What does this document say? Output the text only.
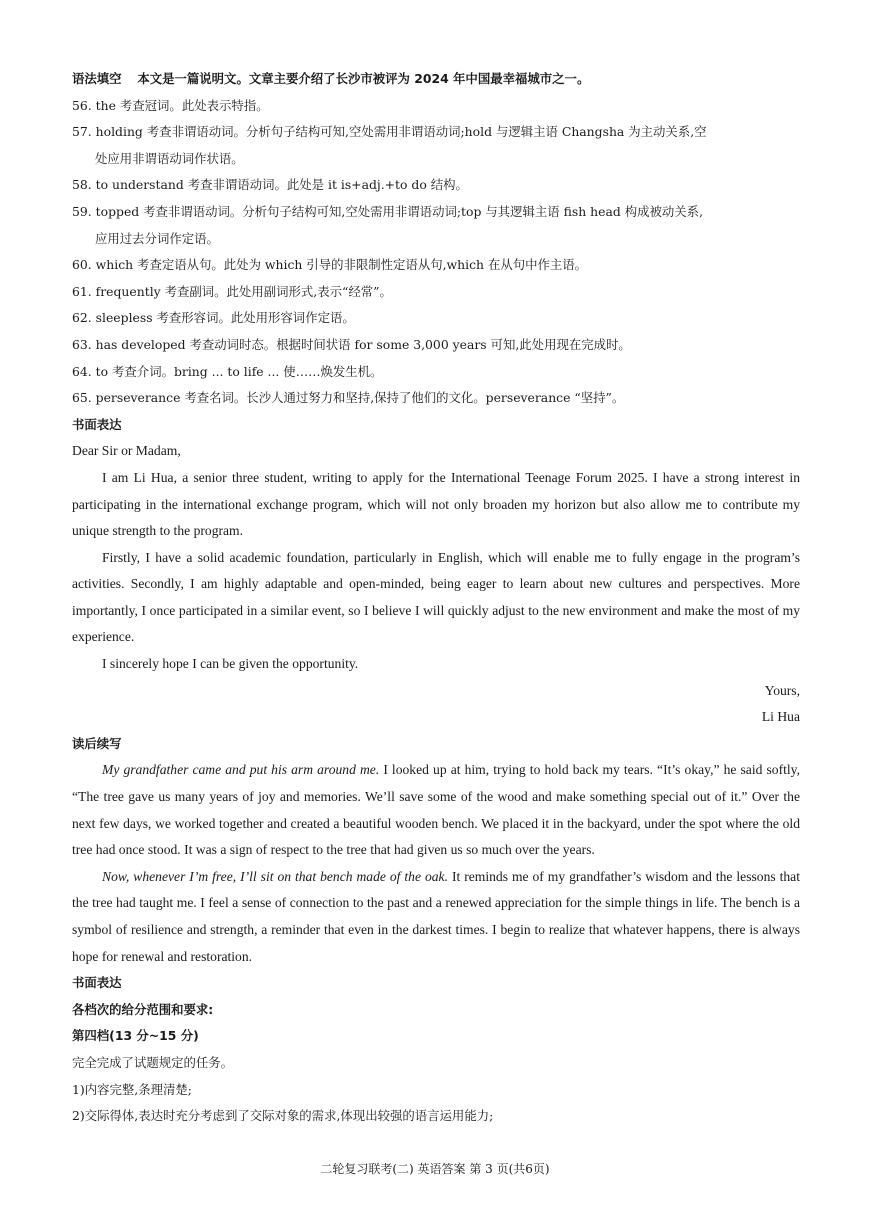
语法填空 本文是一篇说明文。文章主要介绍了长沙市被评为 2024 年中国最幸福城市之一。
56. the 考查冠词。此处表示特指。
57. holding 考查非谓语动词。分析句子结构可知,空处需用非谓语动词;hold 与逻辑主语 Changsha 为主动关系,空
处应用非谓语动词作状语。
58. to understand 考查非谓语动词。此处是 it is+adj.+to do 结构。
59. topped 考查非谓语动词。分析句子结构可知,空处需用非谓语动词;top 与其逻辑主语 fish head 构成被动关系,
应用过去分词作定语。
60. which 考查定语从句。此处为 which 引导的非限制性定语从句,which 在从句中作主语。
61. frequently 考查副词。此处用副词形式,表示“经常”。
62. sleepless 考查形容词。此处用形容词作定语。
63. has developed 考查动词时态。根据时间状语 for some 3,000 years 可知,此处用现在完成时。
64. to 考查介词。bring ... to life ... 使……焕发生机。
65. perseverance 考查名词。长沙人通过努力和坚持,保持了他们的文化。perseverance “坚持”。
书面表达
Dear Sir or Madam,
I am Li Hua, a senior three student, writing to apply for the International Teenage Forum 2025. I have a strong interest in participating in the international exchange program, which will not only broaden my horizon but also allow me to contribute my unique strength to the program.
Firstly, I have a solid academic foundation, particularly in English, which will enable me to fully engage in the program’s activities. Secondly, I am highly adaptable and open-minded, being eager to learn about new cultures and perspectives. More importantly, I once participated in a similar event, so I believe I will quickly adjust to the new environment and make the most of my experience.
I sincerely hope I can be given the opportunity.
Yours,
Li Hua
读后续写
My grandfather came and put his arm around me. I looked up at him, trying to hold back my tears. “It’s okay,” he said softly, “The tree gave us many years of joy and memories. We’ll save some of the wood and make something special out of it.” Over the next few days, we worked together and created a beautiful wooden bench. We placed it in the backyard, under the spot where the old tree had once stood. It was a sign of respect to the tree that had given us so much over the years.
Now, whenever I’m free, I’ll sit on that bench made of the oak. It reminds me of my grandfather’s wisdom and the lessons that the tree had taught me. I feel a sense of connection to the past and a renewed appreciation for the simple things in life. The bench is a symbol of resilience and strength, a reminder that even in the darkest times. I begin to realize that whatever happens, there is always hope for renewal and restoration.
书面表达
各档次的给分范围和要求:
第四档(13 分~15 分)
完全完成了试题规定的任务。
1)内容完整,条理清楚;
2)交际得体,表达时充分考虑到了交际对象的需求,体现出较强的语言运用能力;
二轮复习联考(二) 英语答案 第 3 页(共6页)
